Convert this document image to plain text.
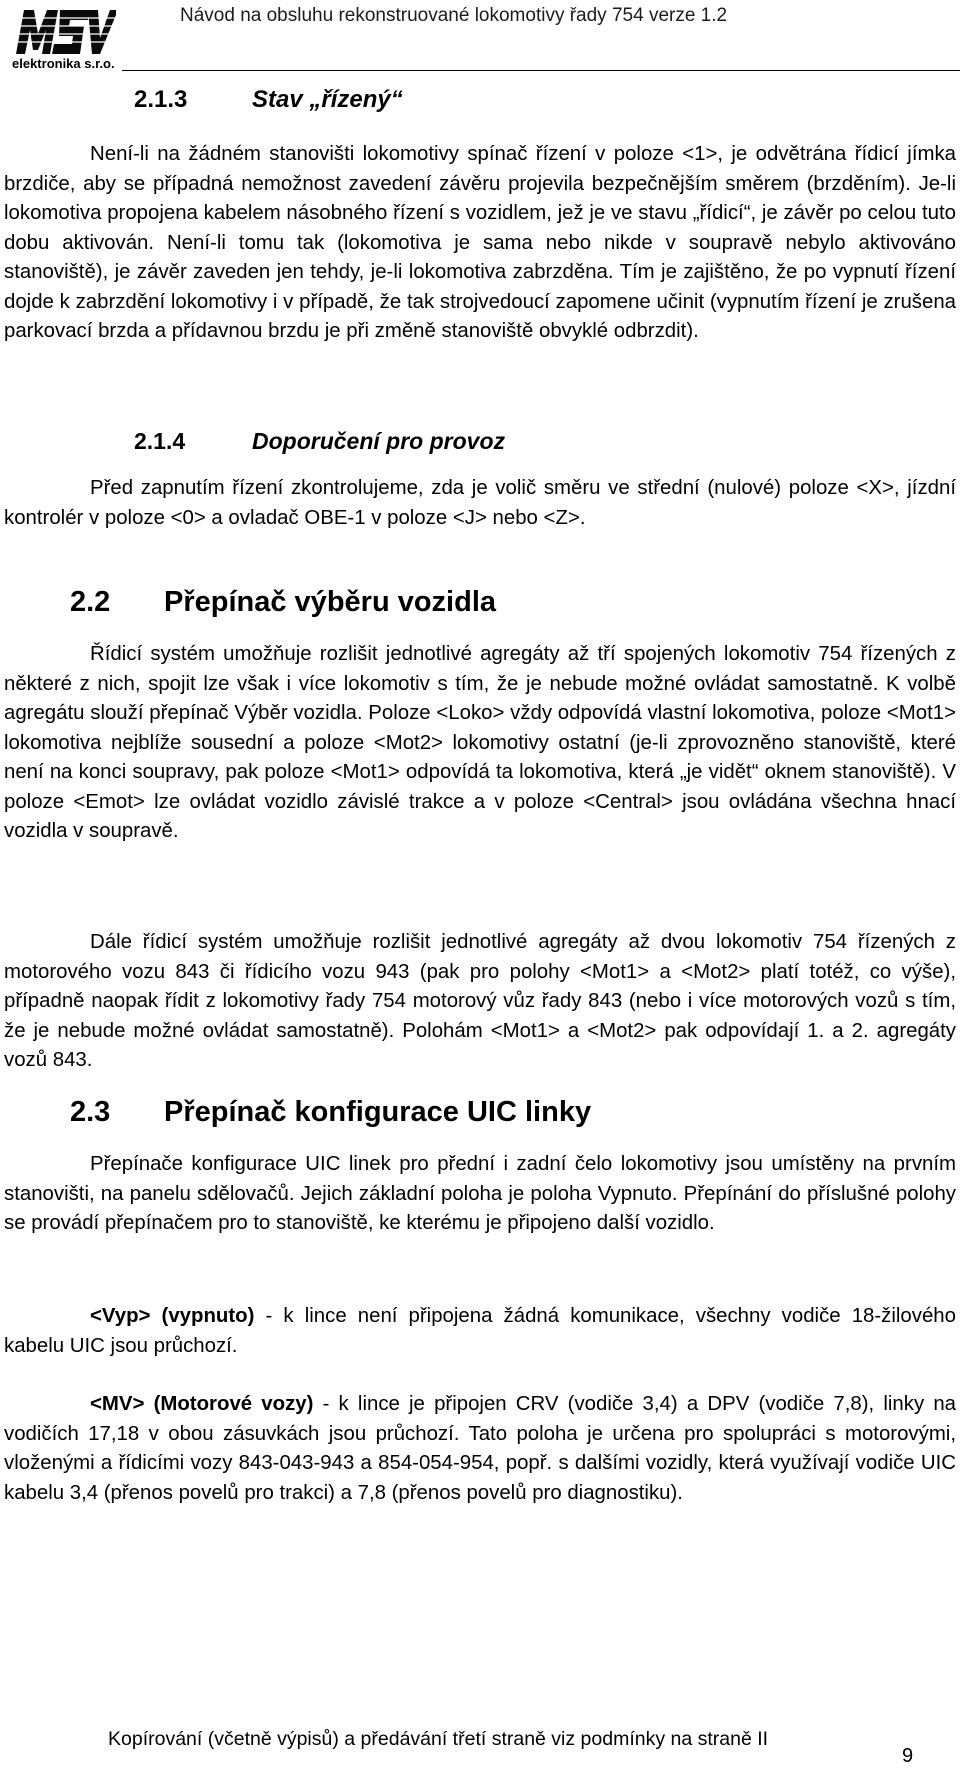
elektronika s.r.o.
Návod na obsluhu rekonstruované lokomotivy řady 754 verze 1.2
2.1.3	Stav „řízený“

Není-li na žádném stanovišti lokomotivy spínač řízení v poloze <1>, je odvětrána řídicí jímka brzdiče, aby se případná nemožnost zavedení závěru projevila bezpečnějším směrem (brzděním). Je-li lokomotiva propojena kabelem násobného řízení s vozidlem, jež je ve stavu „řídicí“, je závěr po celou tuto dobu aktivován. Není-li tomu tak (lokomotiva je sama nebo nikde v soupravě nebylo aktivováno stanoviště), je závěr zaveden jen tehdy, je-li lokomotiva zabrzděna. Tím je zajištěno, že po vypnutí řízení dojde k zabrzdění lokomotivy i v případě, že tak strojvedoucí zapomene učinit (vypnutím řízení je zrušena parkovací brzda a přídavnou brzdu je při změně stanoviště obvyklé odbrzdit).

2.1.4	Doporučení pro provoz

Před zapnutím řízení zkontrolujeme, zda je volič směru ve střední (nulové) poloze <X>, jízdní kontrolér v poloze <0> a ovladač OBE-1 v poloze <J> nebo <Z>.

2.2 Přepínač výběru vozidla

Řídicí systém umožňuje rozlišit jednotlivé agregáty až tří spojených lokomotiv 754 řízených z některé z nich, spojit lze však i více lokomotiv s tím, že je nebude možné ovládat samostatně. K volbě agregátu slouží přepínač Výběr vozidla. Poloze <Loko> vždy odpovídá vlastní lokomotiva, poloze <Mot1> lokomotiva nejblíže sousední a poloze <Mot2> lokomotivy ostatní (je-li zprovozněno stanoviště, které není na konci soupravy, pak poloze <Mot1> odpovídá ta lokomotiva, která „je vidět“ oknem stanoviště). V poloze <Emot> lze ovládat vozidlo závislé trakce a v poloze <Central> jsou ovládána všechna hnací vozidla v soupravě.

Dále řídicí systém umožňuje rozlišit jednotlivé agregáty až dvou lokomotiv 754 řízených z motorového vozu 843 či řídicího vozu 943 (pak pro polohy <Mot1> a <Mot2> platí totéž, co výše), případně naopak řídit z lokomotivy řady 754 motorový vůz řady 843 (nebo i více motorových vozů s tím, že je nebude možné ovládat samostatně). Polohám <Mot1> a <Mot2> pak odpovídají 1. a 2. agregáty vozů 843.

2.3 Přepínač konfigurace UIC linky

Přepínače konfigurace UIC linek pro přední i zadní čelo lokomotivy jsou umístěny na prvním stanovišti, na panelu sdělovačů. Jejich základní poloha je poloha Vypnuto. Přepínání do příslušné polohy se provádí přepínačem pro to stanoviště, ke kterému je připojeno další vozidlo.

<Vyp> (vypnuto) - k lince není připojena žádná komunikace, všechny vodiče 18-žilového kabelu UIC jsou průchozí.

<MV> (Motorové vozy) - k lince je připojen CRV (vodiče 3,4) a DPV (vodiče 7,8), linky na vodičích 17,18 v obou zásuvkách jsou průchozí. Tato poloha je určena pro spolupráci s motorovými, vloženými a řídicími vozy 843-043-943 a 854-054-954, popř. s dalšími vozidly, která využívají vodiče UIC kabelu 3,4 (přenos povelů pro trakci) a 7,8 (přenos povelů pro diagnostiku).

Kopírování (včetně výpisů) a předávání třetí straně viz podmínky na straně II
9
